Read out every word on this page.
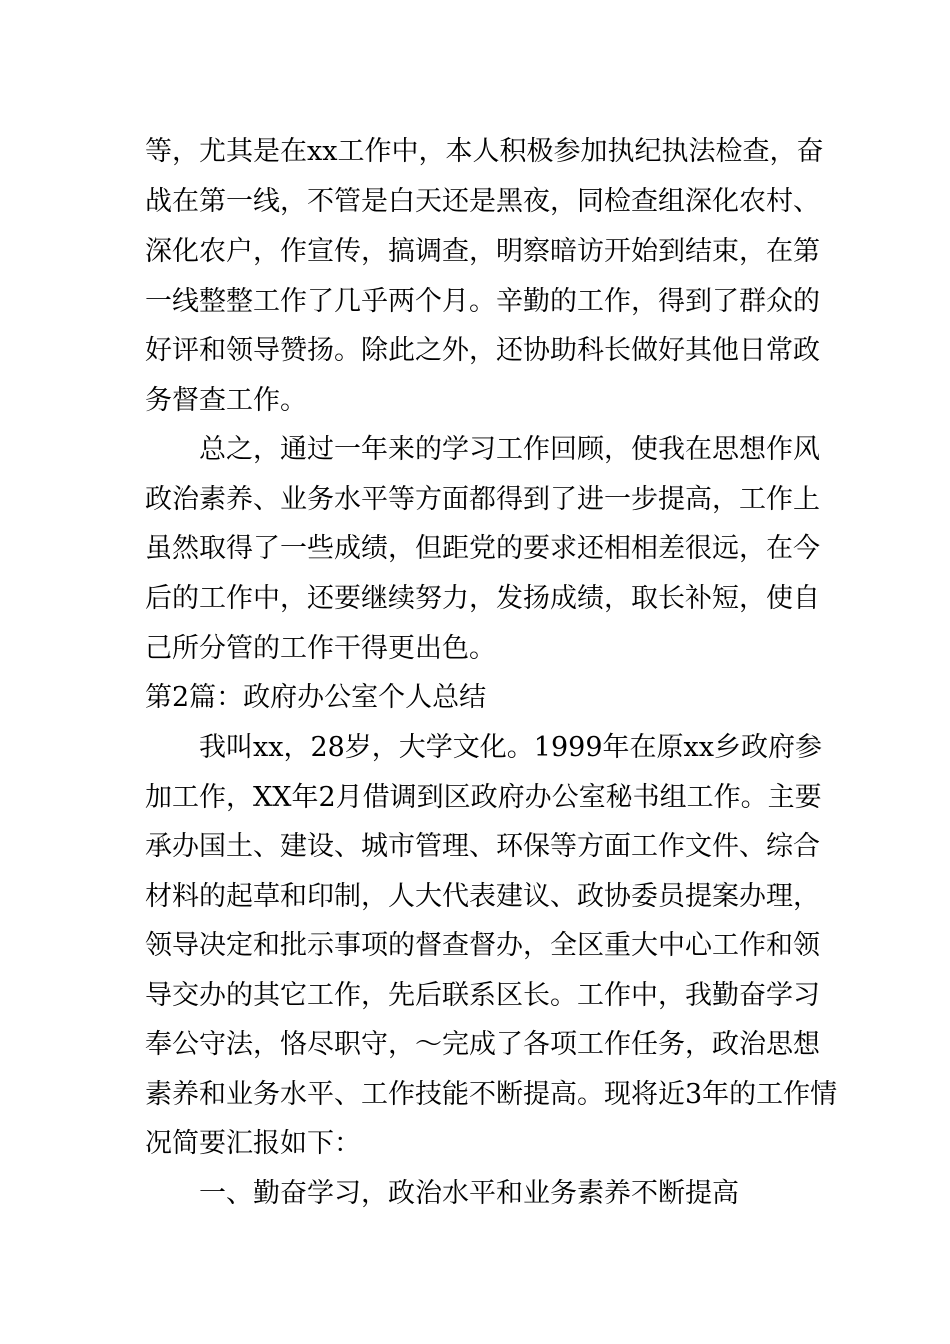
等，尤其是在xx工作中，本人积极参加执纪执法检查，奋
战在第一线，不管是白天还是黑夜，同检查组深化农村、
深化农户，作宣传，搞调查，明察暗访开始到结束，在第
一线整整工作了几乎两个月。辛勤的工作，得到了群众的
好评和领导赞扬。除此之外，还协助科长做好其他日常政
务督查工作。
　　总之，通过一年来的学习工作回顾，使我在思想作风
政治素养、业务水平等方面都得到了进一步提高，工作上
虽然取得了一些成绩，但距党的要求还相相差很远，在今
后的工作中，还要继续努力，发扬成绩，取长补短，使自
己所分管的工作干得更出色。
第2篇：政府办公室个人总结
　　我叫xx，28岁，大学文化。1999年在原xx乡政府参
加工作，XX年2月借调到区政府办公室秘书组工作。主要
承办国土、建设、城市管理、环保等方面工作文件、综合
材料的起草和印制，人大代表建议、政协委员提案办理，
领导决定和批示事项的督查督办，全区重大中心工作和领
导交办的其它工作，先后联系区长。工作中，我勤奋学习
奉公守法，恪尽职守，～完成了各项工作任务，政治思想
素养和业务水平、工作技能不断提高。现将近3年的工作情
况简要汇报如下：
　　一、勤奋学习，政治水平和业务素养不断提高
